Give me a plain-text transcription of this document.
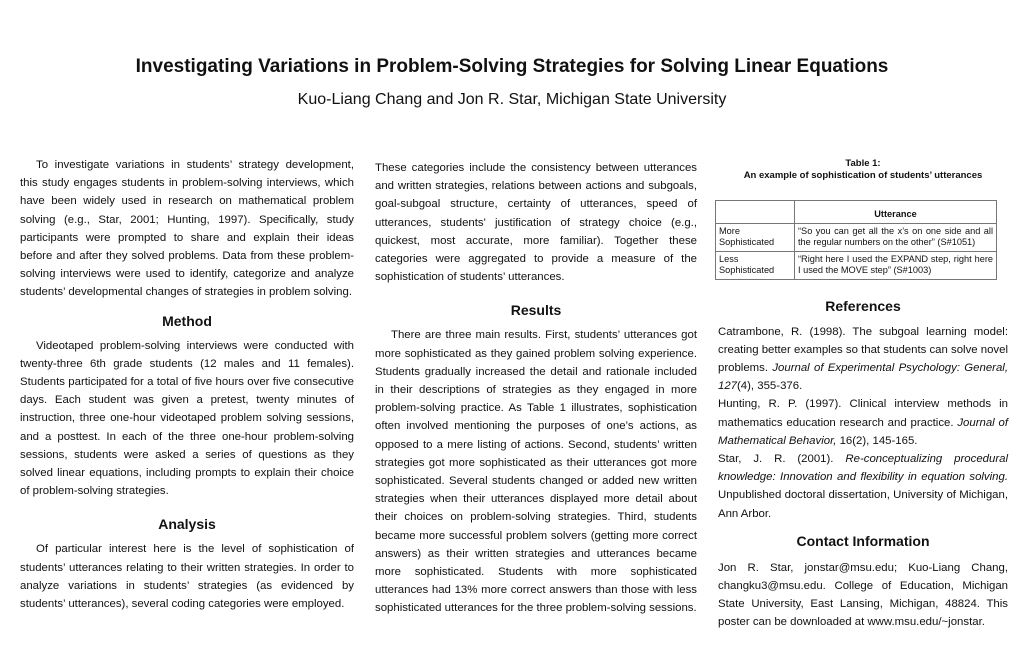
Investigating Variations in Problem-Solving Strategies for Solving Linear Equations
Kuo-Liang Chang and Jon R. Star, Michigan State University

To investigate variations in students’ strategy development, this study engages students in problem-solving interviews, which have been widely used in research on mathematical problem solving (e.g., Star, 2001; Hunting, 1997). Specifically, study participants were prompted to share and explain their ideas before and after they solved problems. Data from these problem-solving interviews were used to identify, categorize and analyze students’ developmental changes of strategies in problem solving.

Method

Videotaped problem-solving interviews were conducted with twenty-three 6th grade students (12 males and 11 females). Students participated for a total of five hours over five consecutive days. Each student was given a pretest, twenty minutes of instruction, three one-hour videotaped problem solving sessions, and a posttest. In each of the three one-hour problem-solving sessions, students were asked a series of questions as they solved linear equations, including prompts to explain their choice of problem-solving strategies.

Analysis

Of particular interest here is the level of sophistication of students’ utterances relating to their written strategies. In order to analyze variations in students’ strategies (as evidenced by students’ utterances), several coding categories were employed.

These categories include the consistency between utterances and written strategies, relations between actions and subgoals, goal-subgoal structure, certainty of utterances, speed of utterances, students' justification of strategy choice (e.g., quickest, most accurate, more familiar). Together these categories were aggregated to provide a measure of the sophistication of students’ utterances.

Results

There are three main results. First, students’ utterances got more sophisticated as they gained problem solving experience. Students gradually increased the detail and rationale included in their descriptions of strategies as they engaged in more problem-solving practice. As Table 1 illustrates, sophistication often involved mentioning the purposes of one’s actions, as opposed to a mere listing of actions. Second, students’ written strategies got more sophisticated as their utterances got more sophisticated. Several students changed or added new written strategies when their utterances displayed more detail about their choices on problem-solving strategies. Third, students became more successful problem solvers (getting more correct answers) as their written strategies and utterances became more sophisticated. Students with more sophisticated utterances had 13% more correct answers than those with less sophisticated utterances for the three problem-solving sessions.

Table 1:
An example of sophistication of students’ utterances
	Utterance
More Sophisticated	“So you can get all the x’s on one side and all the regular numbers on the other” (S#1051)
Less Sophisticated	“Right here I used the EXPAND step, right here I used the MOVE step” (S#1003)
References

Catrambone, R. (1998). The subgoal learning model: creating better examples so that students can solve novel problems. Journal of Experimental Psychology: General, 127(4), 355-376.

Hunting, R. P. (1997). Clinical interview methods in mathematics education research and practice. Journal of Mathematical Behavior, 16(2), 145-165.

Star, J. R. (2001). Re-conceptualizing procedural knowledge: Innovation and flexibility in equation solving. Unpublished doctoral dissertation, University of Michigan, Ann Arbor.

Contact Information

Jon R. Star, jonstar@msu.edu; Kuo-Liang Chang, changku3@msu.edu. College of Education, Michigan State University, East Lansing, Michigan, 48824. This poster can be downloaded at www.msu.edu/~jonstar.
